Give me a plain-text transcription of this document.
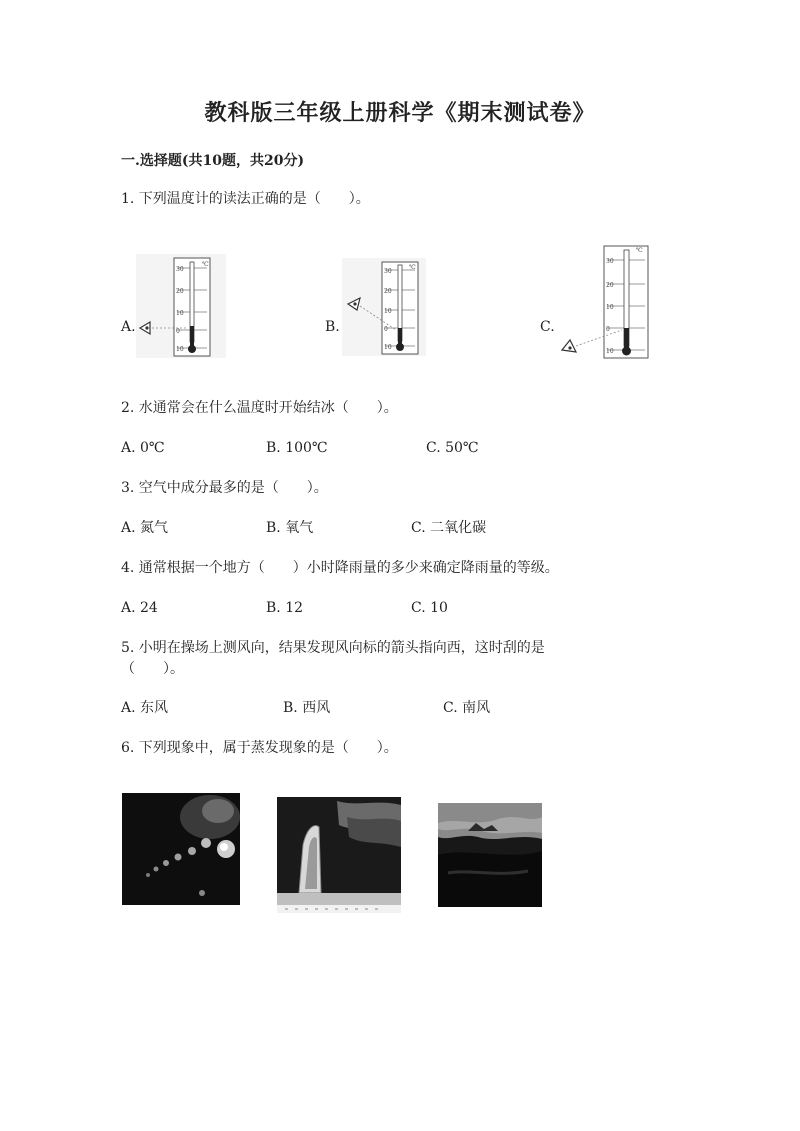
教科版三年级上册科学《期末测试卷》
一.选择题(共10题，共20分)
1. 下列温度计的读法正确的是（　　）。
A.
℃
30
20
10
0
10
B.
℃
30
20
10
0
10
C.
℃
30
20
10
0
10
2. 水通常会在什么温度时开始结冰（　　）。
A. 0℃	B. 100℃	C. 50℃
3. 空气中成分最多的是（　　）。
A. 氮气	B. 氧气	C. 二氧化碳
4. 通常根据一个地方（　　）小时降雨量的多少来确定降雨量的等级。
A. 24	B. 12	C. 10
5. 小明在操场上测风向，结果发现风向标的箭头指向西，这时刮的是
（　　）。
A. 东风	B. 西风	C. 南风
6. 下列现象中，属于蒸发现象的是（　　）。
